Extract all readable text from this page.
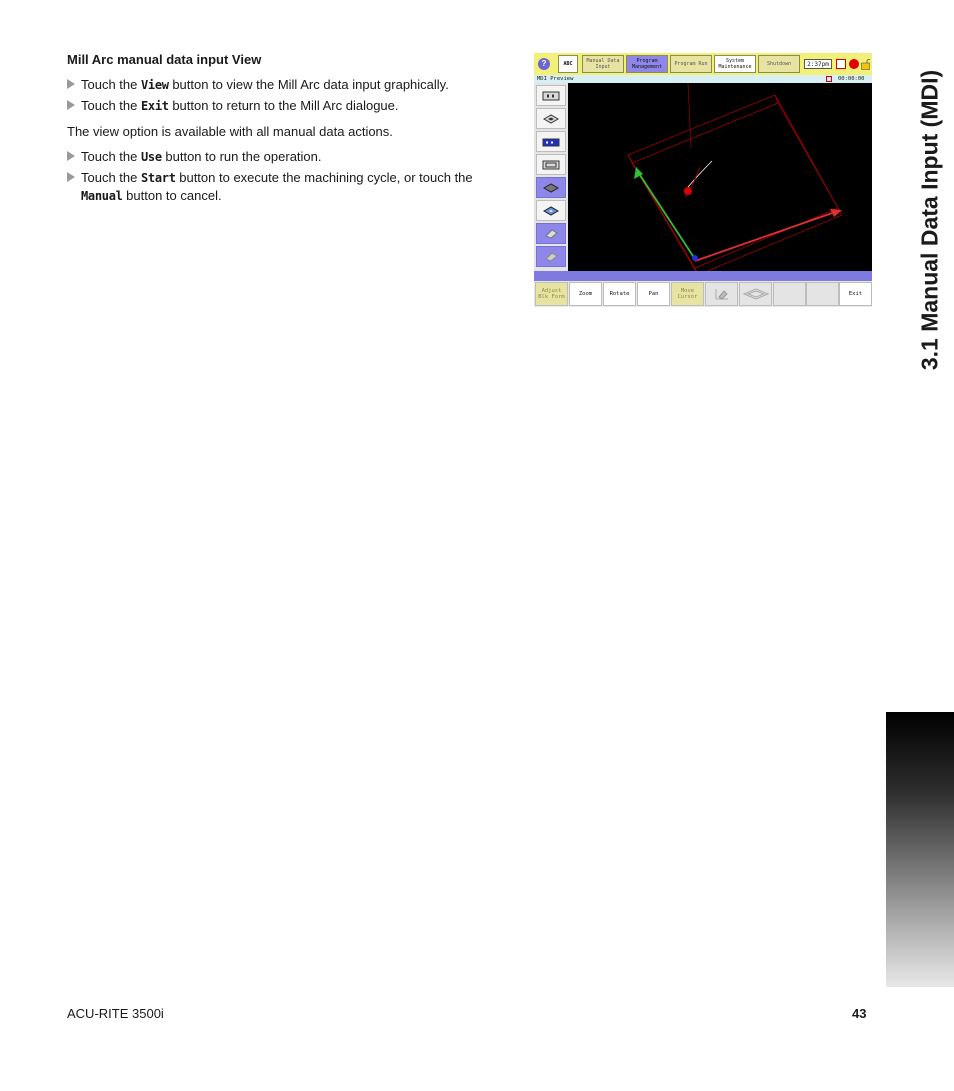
Mill Arc manual data input View
Touch the View button to view the Mill Arc data input graphically.
Touch the Exit button to return to the Mill Arc dialogue.
The view option is available with all manual data actions.
Touch the Use button to run the operation.
Touch the Start button to execute the machining cycle, or touch the Manual button to cancel.
?	ABC	Manual Data Input
Program Management	Program Run	System Maintenance	Shutdown	2:37pm
MDI Preview	00:00:00
Adjust Blk Form
Zoom	Rotate	Pan
Move Cursor
Exit	3.1 Manual Data Input (MDI)
ACU-RITE 3500i	43
